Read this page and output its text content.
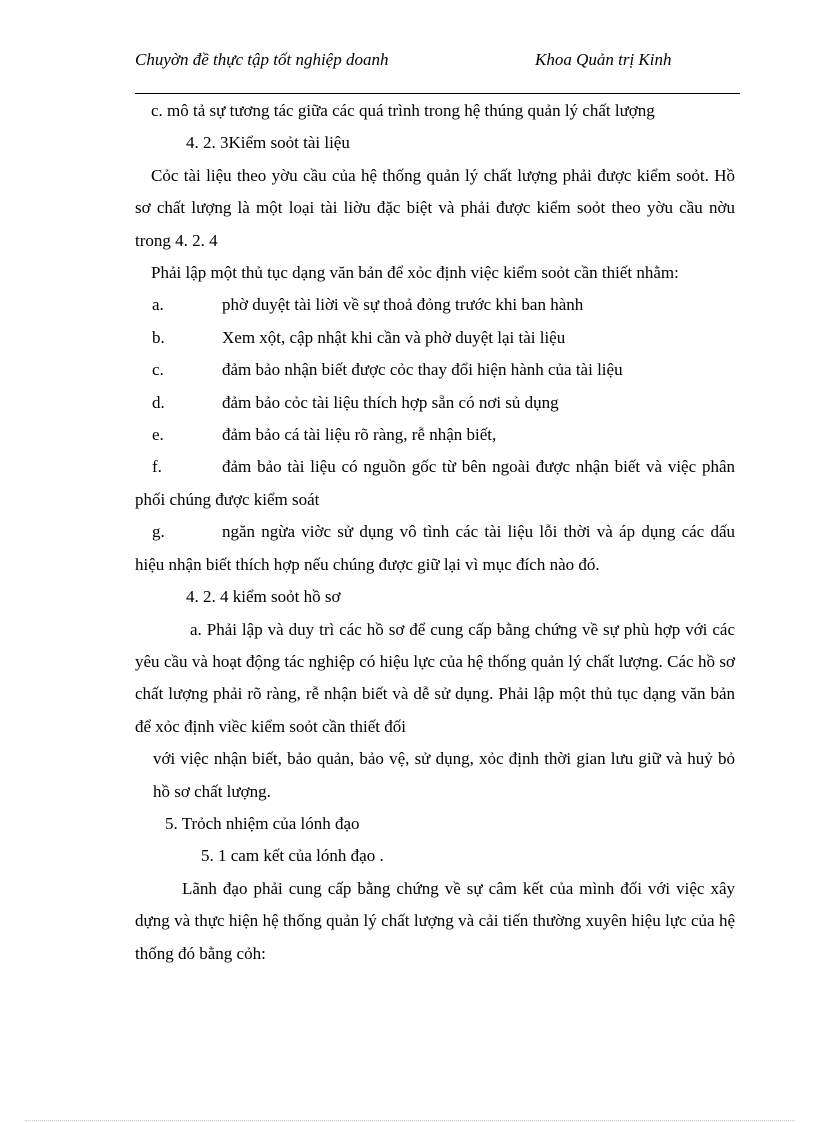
Chuyờn đề thực tập tốt nghiệp doanh	Khoa Quản trị Kinh

c. mô tả sự tương tác giữa các quá trình trong hệ thúng quản lý chất lượng

4. 2. 3Kiểm soỏt tài liệu

Cỏc tài liệu theo yờu cầu của hệ thống quản lý chất lượng phải được kiểm soỏt. Hồ sơ chất lượng là một loại tài liờu đặc biệt và phải được kiểm soỏt theo yờu cầu nờu trong 4. 2. 4

Phải lập một thủ tục dạng văn bản để xỏc định việc kiểm soỏt cần thiết nhằm:

a.	phờ duyệt tài liời về sự thoả đỏng trước khi ban hành

b.	Xem xột, cập nhật khi cần và phờ duyệt lại tài liệu

c.	đảm bảo nhận biết được cỏc thay đổi hiện hành của tài liệu

d.	đảm bảo cỏc tài liệu thích hợp sẵn có nơi sủ dụng

e.	đảm bảo cá tài liệu rõ ràng, rễ nhận biết,

f.	đảm bảo tài liệu có nguồn gốc từ bên ngoài được nhận biết và việc phân phối chúng được kiểm soát

g.	ngăn ngừa viờc sử dụng vô tình các tài liệu lỗi thời và áp dụng các dấu hiệu nhận biết thích hợp nếu chúng được giữ lại vì mục đích nào đó.

4. 2. 4 kiểm soỏt hồ sơ

a. Phải lập và duy trì các hồ sơ để cung cấp bằng chứng về sự phù hợp với các yêu cầu và hoạt động tác nghiệp có hiệu lực của hệ thống quản lý chất lượng. Các hồ sơ chất lượng phải rõ ràng, rễ nhận biết và dễ sử dụng. Phải lập một thủ tục dạng văn bản để xỏc định viềc kiểm soỏt cần thiết đối

với việc nhận biết, bảo quản, bảo vệ, sử dụng, xỏc định thời gian lưu giữ và huỷ bỏ hồ sơ chất lượng.

5. Trỏch nhiệm của lónh đạo

5. 1 cam kết của lónh đạo .

Lãnh đạo phải cung cấp bằng chứng về sự câm kết của mình đối với việc xây dựng và thực hiện hệ thống quản lý chất lượng và cải tiến thường xuyên hiệu lực của hệ thống đó bằng cỏh:
